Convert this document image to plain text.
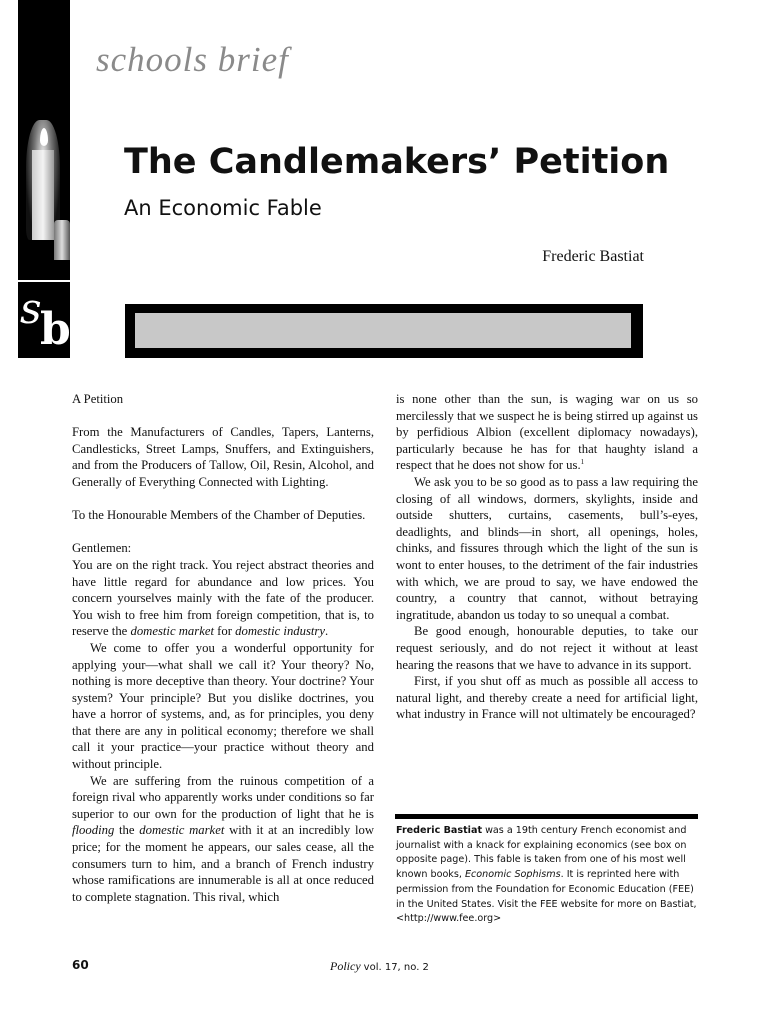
s
b
schools brief
The Candlemakers’ Petition
An Economic Fable
Frederic Bastiat

A Petition

From the Manufacturers of Candles, Tapers, Lanterns, Candlesticks, Street Lamps, Snuffers, and Extinguishers, and from the Producers of Tallow, Oil, Resin, Alcohol, and Generally of Everything Connected with Lighting.

To the Honourable Members of the Chamber of Deputies.

Gentlemen:

You are on the right track. You reject abstract theories and have little regard for abundance and low prices. You concern yourselves mainly with the fate of the producer. You wish to free him from foreign competition, that is, to reserve the domestic market for domestic industry.

We come to offer you a wonderful opportunity for applying your—what shall we call it? Your theory? No, nothing is more deceptive than theory. Your doctrine? Your system? Your principle? But you dislike doctrines, you have a horror of systems, and, as for principles, you deny that there are any in political economy; therefore we shall call it your practice—your practice without theory and without principle.

We are suffering from the ruinous competition of a foreign rival who apparently works under conditions so far superior to our own for the production of light that he is flooding the domestic market with it at an incredibly low price; for the moment he appears, our sales cease, all the consumers turn to him, and a branch of French industry whose ramifications are innumerable is all at once reduced to complete stagnation. This rival, which

is none other than the sun, is waging war on us so mercilessly that we suspect he is being stirred up against us by perfidious Albion (excellent diplomacy nowadays), particularly because he has for that haughty island a respect that he does not show for us.$^1$

We ask you to be so good as to pass a law requiring the closing of all windows, dormers, skylights, inside and outside shutters, curtains, casements, bull’s-eyes, deadlights, and blinds—in short, all openings, holes, chinks, and fissures through which the light of the sun is wont to enter houses, to the detriment of the fair industries with which, we are proud to say, we have endowed the country, a country that cannot, without betraying ingratitude, abandon us today to so unequal a combat.

Be good enough, honourable deputies, to take our request seriously, and do not reject it without at least hearing the reasons that we have to advance in its support.

First, if you shut off as much as possible all access to natural light, and thereby create a need for artificial light, what industry in France will not ultimately be encouraged?

Frederic Bastiat was a 19th century French economist and journalist with a knack for explaining economics (see box on opposite page). This fable is taken from one of his most well known books, Economic Sophisms. It is reprinted here with permission from the Foundation for Economic Education (FEE) in the United States. Visit the FEE website for more on Bastiat, <http://www.fee.org>
60	Policy vol. 17, no. 2
